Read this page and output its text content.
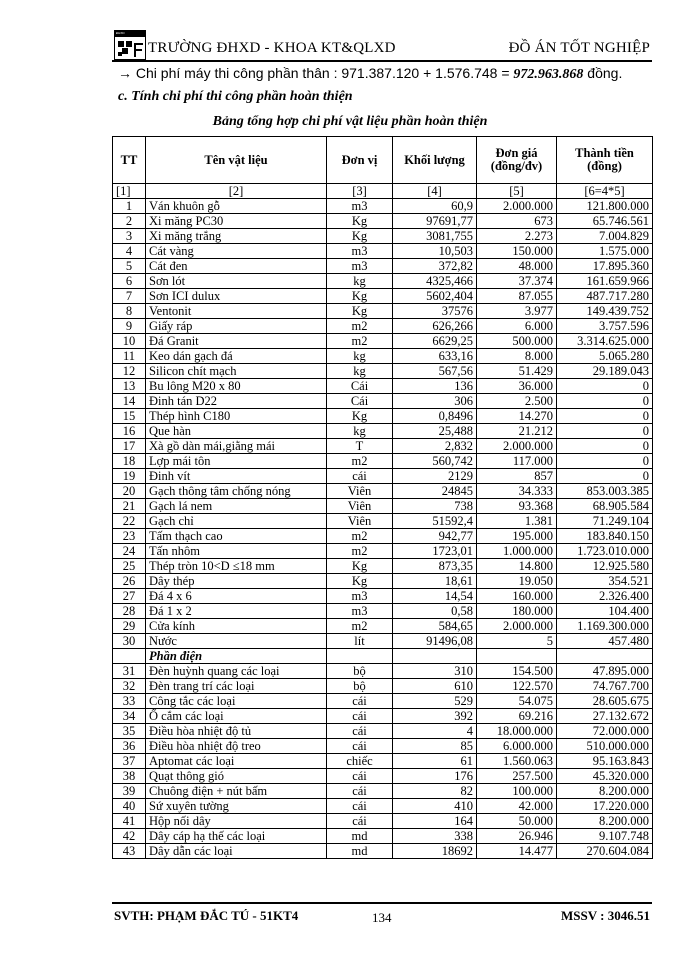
ĐHXD
TRƯỜNG ĐHXD - KHOA KT&QLXD	ĐỒ ÁN TỐT NGHIỆP
→ Chi phí máy thi công phần thân : 971.387.120 + 1.576.748 = 972.963.868 đồng.
c. Tính chi phí thi công phần hoàn thiện
Bảng tổng hợp chi phí vật liệu phần hoàn thiện
TT	Tên vật liệu	Đơn vị	Khối lượng	Đơn giá (đồng/đv)	Thành tiền (đồng)
[1]	[2]	[3]	[4]	[5]	[6=4*5]
1	Ván khuôn gỗ	m3	60,9	2.000.000	121.800.000
2	Xi măng PC30	Kg	97691,77	673	65.746.561
3	Xi măng trắng	Kg	3081,755	2.273	7.004.829
4	Cát vàng	m3	10,503	150.000	1.575.000
5	Cát đen	m3	372,82	48.000	17.895.360
6	Sơn lót	kg	4325,466	37.374	161.659.966
7	Sơn ICI dulux	Kg	5602,404	87.055	487.717.280
8	Ventonit	Kg	37576	3.977	149.439.752
9	Giấy ráp	m2	626,266	6.000	3.757.596
10	Đá Granit	m2	6629,25	500.000	3.314.625.000
11	Keo dán gạch đá	kg	633,16	8.000	5.065.280
12	Silicon chít mạch	kg	567,56	51.429	29.189.043
13	Bu lông M20 x 80	Cái	136	36.000	0
14	Đinh tán D22	Cái	306	2.500	0
15	Thép hình C180	Kg	0,8496	14.270	0
16	Que hàn	kg	25,488	21.212	0
17	Xà gồ dàn mái,giằng mái	T	2,832	2.000.000	0
18	Lợp mái tôn	m2	560,742	117.000	0
19	Đinh vít	cái	2129	857	0
20	Gạch thông tâm chống nóng	Viên	24845	34.333	853.003.385
21	Gạch lá nem	Viên	738	93.368	68.905.584
22	Gạch chỉ	Viên	51592,4	1.381	71.249.104
23	Tấm thạch cao	m2	942,77	195.000	183.840.150
24	Tấn nhôm	m2	1723,01	1.000.000	1.723.010.000
25	Thép tròn 10<D ≤18 mm	Kg	873,35	14.800	12.925.580
26	Dây thép	Kg	18,61	19.050	354.521
27	Đá 4 x 6	m3	14,54	160.000	2.326.400
28	Đá 1 x 2	m3	0,58	180.000	104.400
29	Cửa kính	m2	584,65	2.000.000	1.169.300.000
30	Nước	lít	91496,08	5	457.480
	Phần điện				
31	Đèn huỳnh quang các loại	bộ	310	154.500	47.895.000
32	Đèn trang trí các loại	bộ	610	122.570	74.767.700
33	Công tắc các loại	cái	529	54.075	28.605.675
34	Ổ cắm các loại	cái	392	69.216	27.132.672
35	Điều hòa nhiệt độ tủ	cái	4	18.000.000	72.000.000
36	Điều hòa nhiệt độ treo	cái	85	6.000.000	510.000.000
37	Aptomat các loại	chiếc	61	1.560.063	95.163.843
38	Quạt thông gió	cái	176	257.500	45.320.000
39	Chuông điện + nút bấm	cái	82	100.000	8.200.000
40	Sứ xuyên tường	cái	410	42.000	17.220.000
41	Hộp nối dây	cái	164	50.000	8.200.000
42	Dây cáp hạ thế các loại	md	338	26.946	9.107.748
43	Dây dẫn các loại	md	18692	14.477	270.604.084
SVTH: PHẠM ĐẮC TÚ - 51KT4	134	MSSV : 3046.51
